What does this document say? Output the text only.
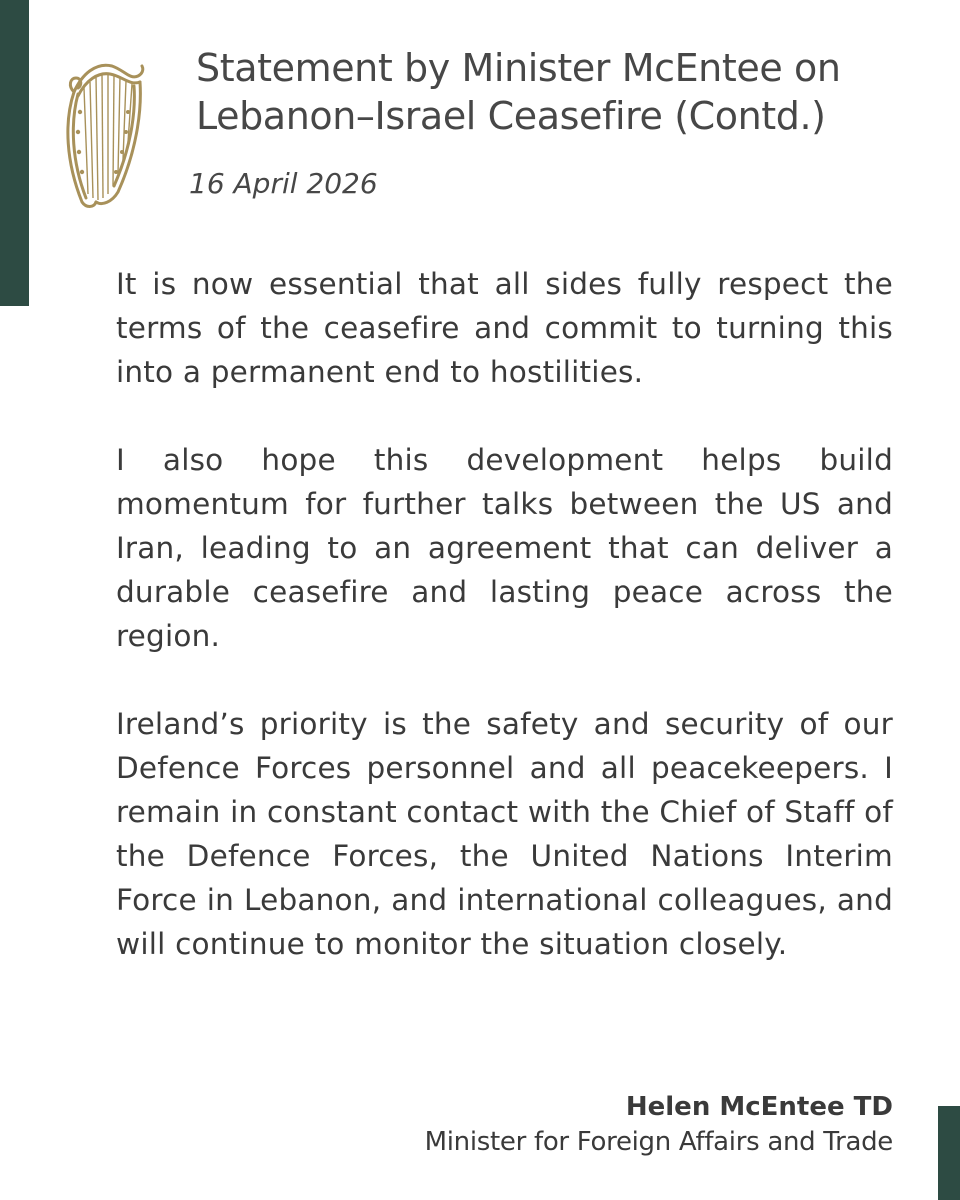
Statement by Minister McEntee on
Lebanon–Israel Ceasefire (Contd.)
16 April 2026

It is now essential that all sides fully respect the terms of the ceasefire and commit to turning this into a permanent end to hostilities.

I also hope this development helps build momentum for further talks between the US and Iran, leading to an agreement that can deliver a durable ceasefire and lasting peace across the region.

Ireland’s priority is the safety and security of our Defence Forces personnel and all peacekeepers. I remain in constant contact with the Chief of Staff of the Defence Forces, the United Nations Interim Force in Lebanon, and international colleagues, and will continue to monitor the situation closely.

Helen McEntee TD
Minister for Foreign Affairs and Trade
